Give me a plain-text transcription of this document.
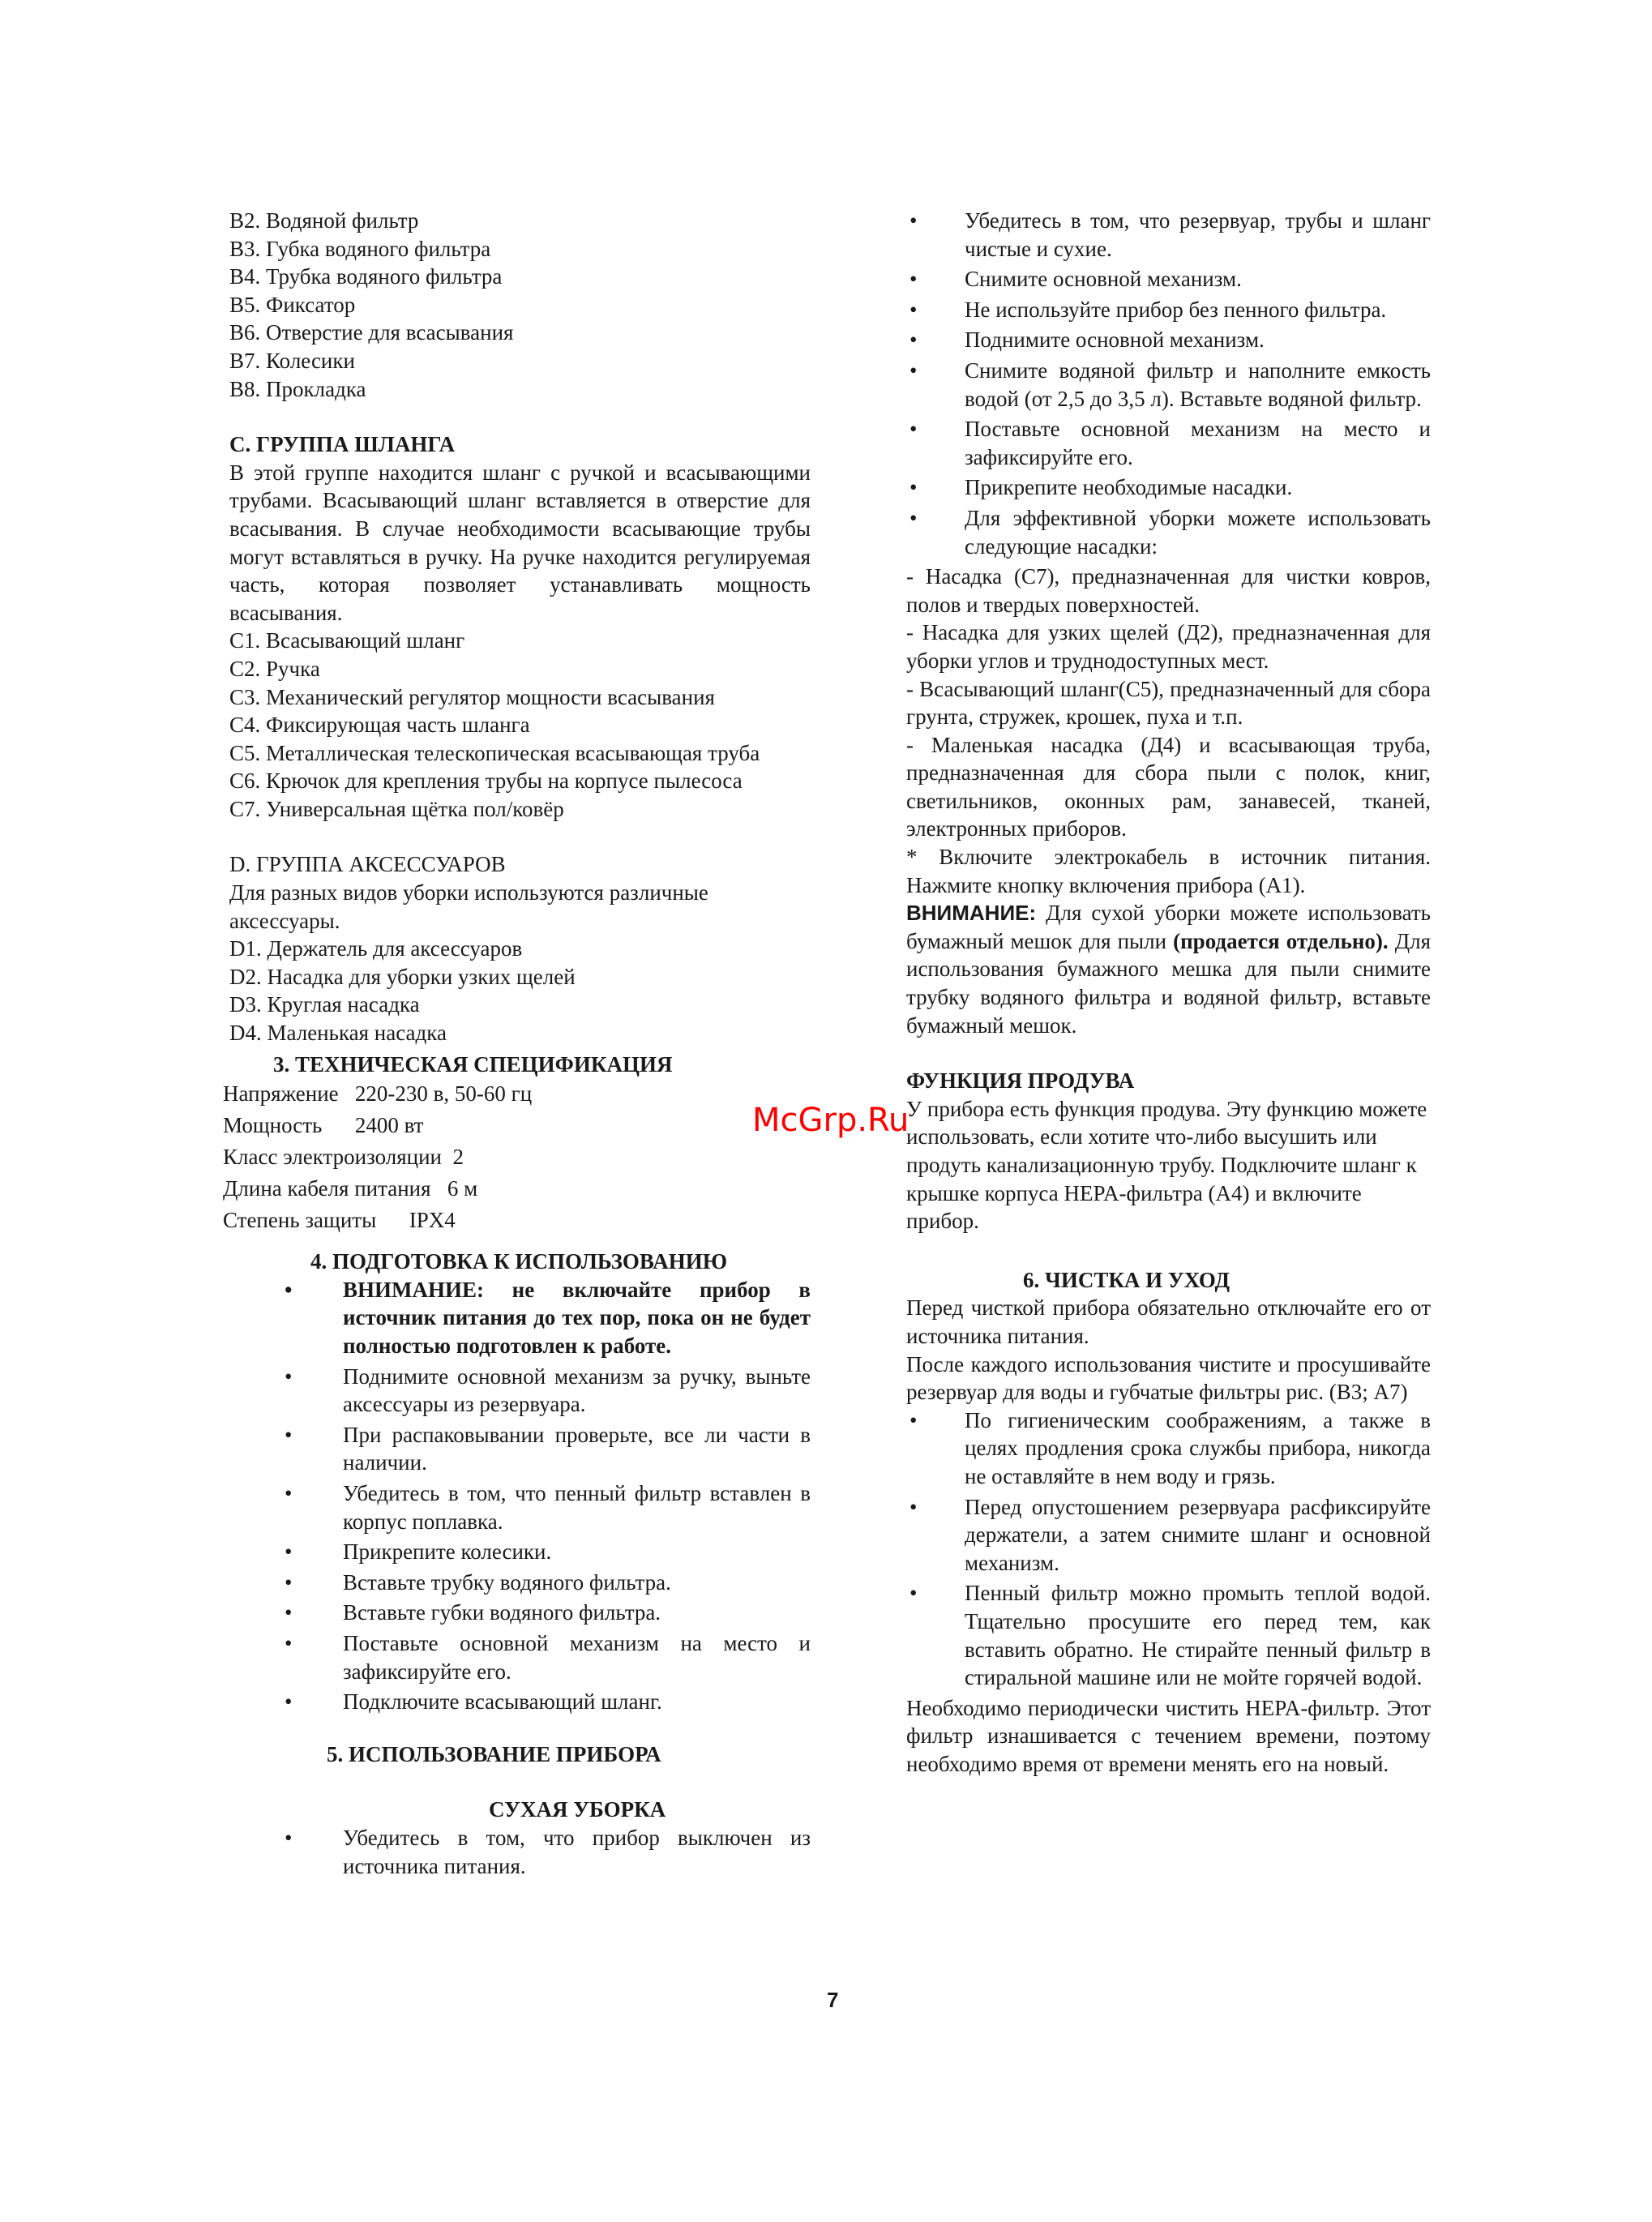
B2. Водяной фильтр

B3. Губка водяного фильтра

B4. Трубка водяного фильтра

B5. Фиксатор

B6. Отверстие для всасывания

B7. Колесики

B8. Прокладка

C. ГРУППА ШЛАНГА

В этой группе находится шланг с ручкой и всасывающими трубами. Всасывающий шланг вставляется в отверстие для всасывания. В случае необходимости всасывающие трубы могут вставляться в ручку. На ручке находится регулируемая часть, которая позволяет устанавливать мощность всасывания.

C1. Всасывающий шланг

C2. Ручка

C3. Механический регулятор мощности всасывания

C4. Фиксирующая часть шланга

C5. Металлическая телескопическая всасывающая труба

C6. Крючок для крепления трубы на корпусе пылесоса

C7. Универсальная щётка пол/ковёр

D. ГРУППА АКСЕССУАРОВ

Для разных видов уборки используются различные аксессуары.

D1. Держатель для аксессуаров

D2. Насадка для уборки узких щелей

D3. Круглая насадка

D4. Маленькая насадка

3. ТЕХНИЧЕСКАЯ СПЕЦИФИКАЦИЯ

Напряжение 220-230 в, 50-60 гц
Мощность 2400 вт
Класс электроизоляции 2
Длина кабеля питания 6 м
Степень защиты IPX4

4. ПОДГОТОВКА К ИСПОЛЬЗОВАНИЮ

• ВНИМАНИЕ: не включайте прибор в источник питания до тех пор, пока он не будет полностью подготовлен к работе.
• Поднимите основной механизм за ручку, выньте аксессуары из резервуара.
• При распаковывании проверьте, все ли части в наличии.
• Убедитесь в том, что пенный фильтр вставлен в корпус поплавка.
• Прикрепите колесики.
• Вставьте трубку водяного фильтра.
• Вставьте губки водяного фильтра.
• Поставьте основной механизм на место и зафиксируйте его.
• Подключите всасывающий шланг.

5. ИСПОЛЬЗОВАНИЕ ПРИБОРА

СУХАЯ УБОРКА

• Убедитесь в том, что прибор выключен из источника питания.
• Убедитесь в том, что резервуар, трубы и шланг чистые и сухие.
• Снимите основной механизм.
• Не используйте прибор без пенного фильтра.
• Поднимите основной механизм.
• Снимите водяной фильтр и наполните емкость водой (от 2,5 до 3,5 л). Вставьте водяной фильтр.
• Поставьте основной механизм на место и зафиксируйте его.
• Прикрепите необходимые насадки.
• Для эффективной уборки можете использовать следующие насадки:

- Насадка (C7), предназначенная для чистки ковров, полов и твердых поверхностей.

- Насадка для узких щелей (Д2), предназначенная для уборки углов и труднодоступных мест.

- Всасывающий шланг(С5), предназначенный для сбора грунта, стружек, крошек, пуха и т.п.

- Маленькая насадка (Д4) и всасывающая труба, предназначенная для сбора пыли с полок, книг, светильников, оконных рам, занавесей, тканей, электронных приборов.

* Включите электрокабель в источник питания. Нажмите кнопку включения прибора (A1).

ВНИМАНИЕ: Для сухой уборки можете использовать бумажный мешок для пыли (продается отдельно). Для использования бумажного мешка для пыли снимите трубку водяного фильтра и водяной фильтр, вставьте бумажный мешок.

ФУНКЦИЯ ПРОДУВА

У прибора есть функция продува. Эту функцию можете использовать, если хотите что-либо высушить или продуть канализационную трубу. Подключите шланг к крышке корпуса HEPA-фильтра (A4) и включите прибор.

6. ЧИСТКА И УХОД

Перед чисткой прибора обязательно отключайте его от источника питания.

После каждого использования чистите и просушивайте резервуар для воды и губчатые фильтры рис. (В3; А7)

• По гигиеническим соображениям, а также в целях продления срока службы прибора, никогда не оставляйте в нем воду и грязь.
• Перед опустошением резервуара расфиксируйте держатели, а затем снимите шланг и основной механизм.
• Пенный фильтр можно промыть теплой водой. Тщательно просушите его перед тем, как вставить обратно. Не стирайте пенный фильтр в стиральной машине или не мойте горячей водой.

Необходимо периодически чистить HEPA-фильтр. Этот фильтр изнашивается с течением времени, поэтому необходимо время от времени менять его на новый.

McGrp.Ru
7
